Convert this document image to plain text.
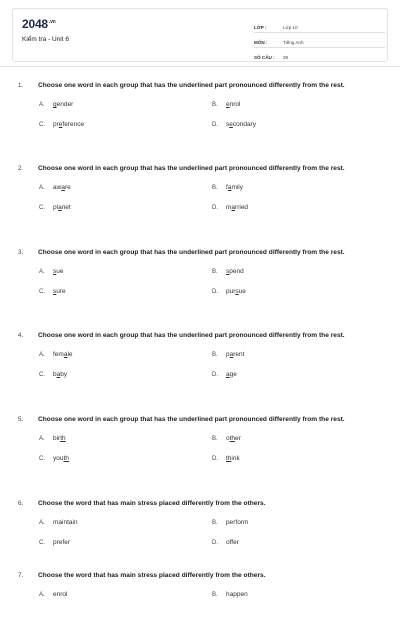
$2048^{.vn}$
Kiểm tra - Unit 6
LỚP :	Lớp 10
MÔN :	Tiếng Anh
SỐ CÂU :	39
1.	Choose one word in each group that has the underlined part pronounced differently from the rest.
A. gender	B. enrol
C. preference	D. secondary
2.	Choose one word in each group that has the underlined part pronounced differently from the rest.
A. aware	B. family
C. planet	D. married
3.	Choose one word in each group that has the underlined part pronounced differently from the rest.
A. sue	B. spend
C. sure	D. pursue
4.	Choose one word in each group that has the underlined part pronounced differently from the rest.
A. female	B. parent
C. baby	D. age
5.	Choose one word in each group that has the underlined part pronounced differently from the rest.
A. birth	B. other
C. youth	D. think
6.	Choose the word that has main stress placed differently from the others.
A. maintain	B. perform
C. prefer	D. offer
7.	Choose the word that has main stress placed differently from the others.
A. enrol	B. happen
